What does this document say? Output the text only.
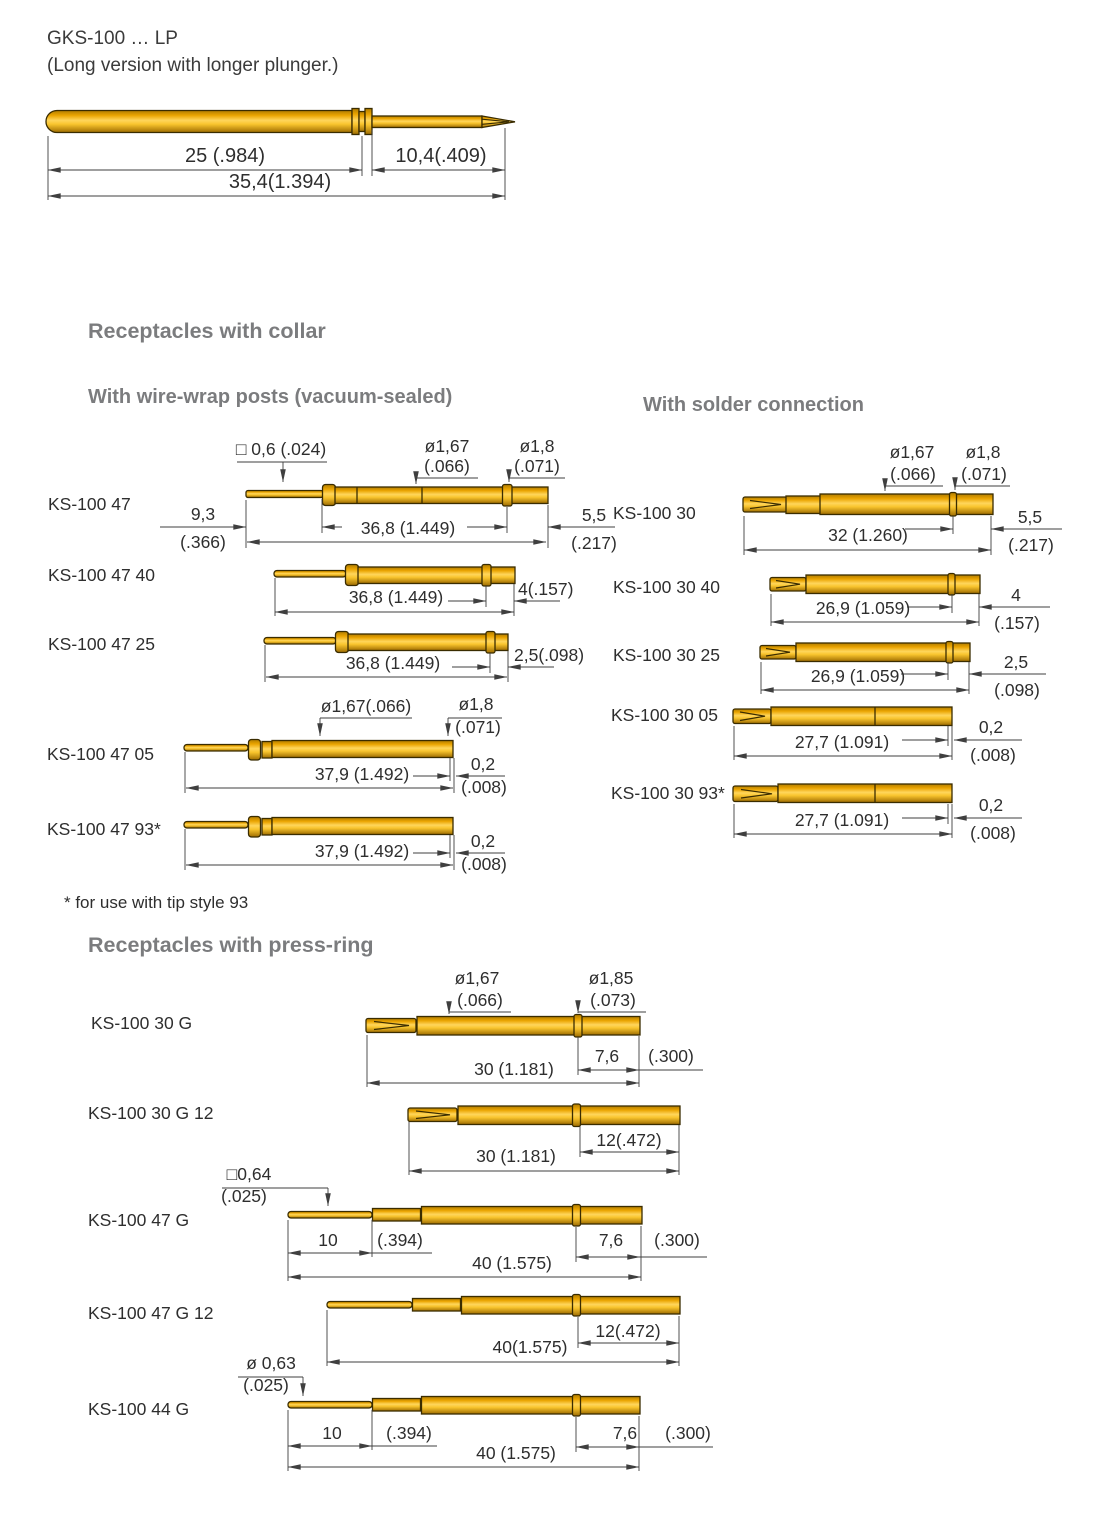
GKS-100 … LP
(Long version with longer plunger.)
25 (.984)	10,4(.409)
35,4(1.394)
Receptacles with collar
With wire-wrap posts (vacuum-sealed)	With solder connection
KS-100 47
□ 0,6 (.024)	ø1,67
(.066)
ø1,8
(.071)
9,3
(.366)
36,8 (1.449)
5,5
(.217)
KS-100 47 40
36,8 (1.449)	4(.157)
KS-100 47 25
36,8 (1.449)	2,5(.098)
KS-100 47 05
ø1,67(.066)	ø1,8
(.071)
37,9 (1.492)	0,2
(.008)
KS-100 47 93*
37,9 (1.492)	0,2
(.008)
* for use with tip style 93
KS-100 30
ø1,67
(.066)
ø1,8
(.071)
32 (1.260)
5,5
(.217)
KS-100 30 40
26,9 (1.059)
4
(.157)
KS-100 30 25
26,9 (1.059)
2,5
(.098)
KS-100 30 05
27,7 (1.091)
0,2
(.008)
KS-100 30 93*
27,7 (1.091)
0,2
(.008)
Receptacles with press-ring
KS-100 30 G
ø1,67
(.066)
ø1,85
(.073)
30 (1.181)
7,6 (.300)
KS-100 30 G 12
30 (1.181)
12(.472)
KS-100 47 G
□0,64
(.025)
10 (.394)
40 (1.575)
7,6 (.300)
KS-100 47 G 12
40(1.575)
12(.472)
KS-100 44 G
ø 0,63
(.025)
10	(.394)
40 (1.575)
7,6 (.300)
